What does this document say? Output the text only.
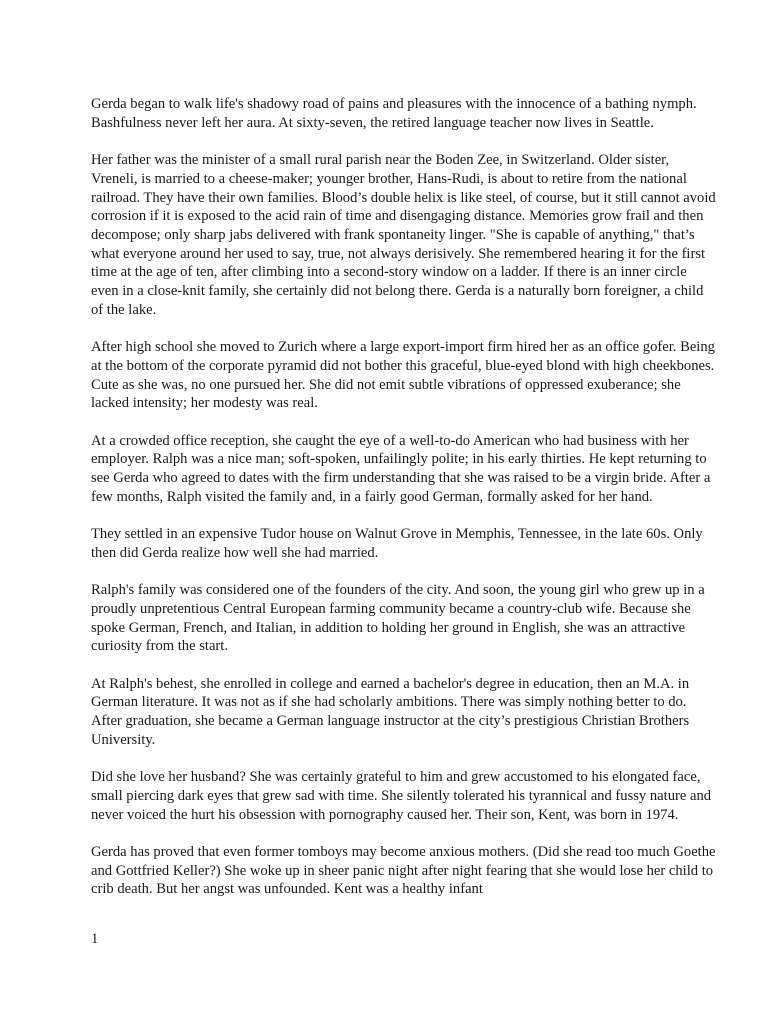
Gerda began to walk life's shadowy road of pains and pleasures with the innocence of a bathing nymph. Bashfulness never left her aura. At sixty-seven, the retired language teacher now lives in Seattle.

Her father was the minister of a small rural parish near the Boden Zee, in Switzerland. Older sister, Vreneli, is married to a cheese-maker; younger brother, Hans-Rudi, is about to retire from the national railroad. They have their own families. Blood’s double helix is like steel, of course, but it still cannot avoid corrosion if it is exposed to the acid rain of time and disengaging distance. Memories grow frail and then decompose; only sharp jabs delivered with frank spontaneity linger. "She is capable of anything," that’s what everyone around her used to say, true, not always derisively. She remembered hearing it for the first time at the age of ten, after climbing into a second-story window on a ladder. If there is an inner circle even in a close-knit family, she certainly did not belong there. Gerda is a naturally born foreigner, a child of the lake.

After high school she moved to Zurich where a large export-import firm hired her as an office gofer. Being at the bottom of the corporate pyramid did not bother this graceful, blue-eyed blond with high cheekbones. Cute as she was, no one pursued her. She did not emit subtle vibrations of oppressed exuberance; she lacked intensity; her modesty was real.

At a crowded office reception, she caught the eye of a well-to-do American who had business with her employer. Ralph was a nice man; soft-spoken, unfailingly polite; in his early thirties. He kept returning to see Gerda who agreed to dates with the firm understanding that she was raised to be a virgin bride. After a few months, Ralph visited the family and, in a fairly good German, formally asked for her hand.

They settled in an expensive Tudor house on Walnut Grove in Memphis, Tennessee, in the late 60s. Only then did Gerda realize how well she had married.

Ralph's family was considered one of the founders of the city. And soon, the young girl who grew up in a proudly unpretentious Central European farming community became a country-club wife. Because she spoke German, French, and Italian, in addition to holding her ground in English, she was an attractive curiosity from the start.

At Ralph's behest, she enrolled in college and earned a bachelor's degree in education, then an M.A. in German literature. It was not as if she had scholarly ambitions. There was simply nothing better to do. After graduation, she became a German language instructor at the city’s prestigious Christian Brothers University.

Did she love her husband? She was certainly grateful to him and grew accustomed to his elongated face, small piercing dark eyes that grew sad with time. She silently tolerated his tyrannical and fussy nature and never voiced the hurt his obsession with pornography caused her. Their son, Kent, was born in 1974.

Gerda has proved that even former tomboys may become anxious mothers. (Did she read too much Goethe and Gottfried Keller?) She woke up in sheer panic night after night fearing that she would lose her child to crib death. But her angst was unfounded. Kent was a healthy infant

1
